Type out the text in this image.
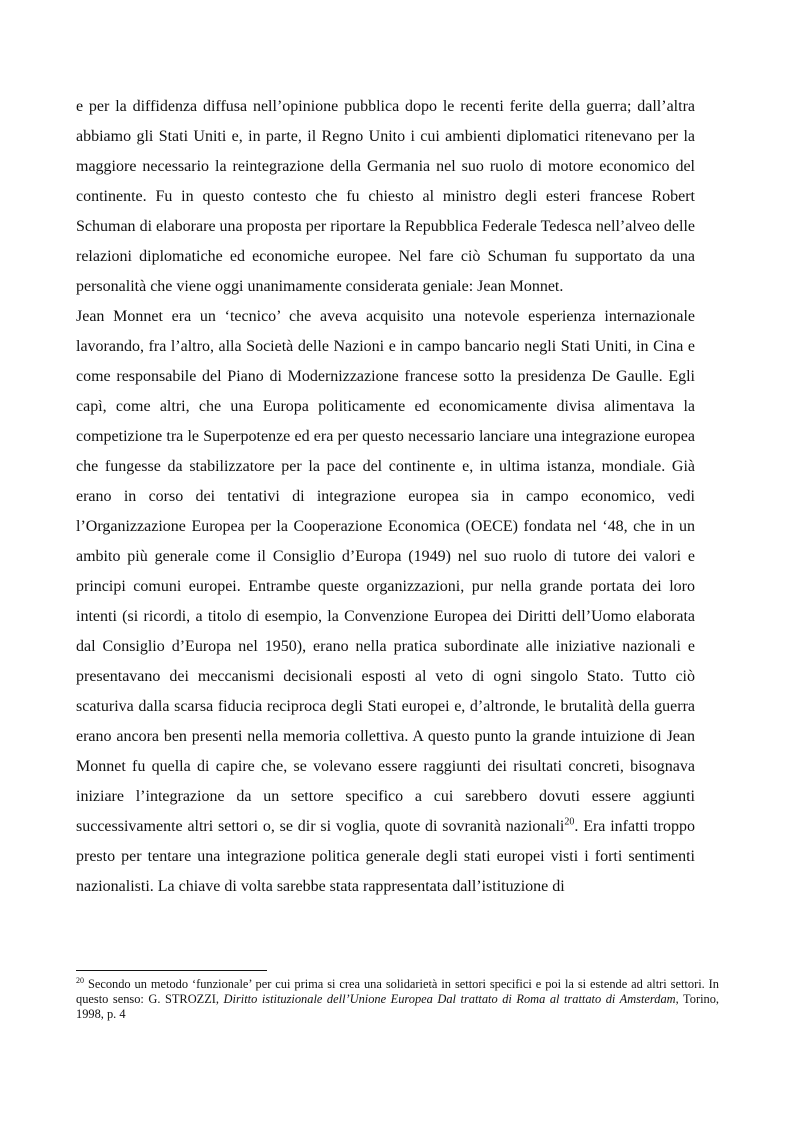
e per la diffidenza diffusa nell’opinione pubblica dopo le recenti ferite della guerra; dall’altra abbiamo gli Stati Uniti e, in parte, il Regno Unito i cui ambienti diplomatici ritenevano per la maggiore necessario la reintegrazione della Germania nel suo ruolo di motore economico del continente. Fu in questo contesto che fu chiesto al ministro degli esteri francese Robert Schuman di elaborare una proposta per riportare la Repubblica Federale Tedesca nell’alveo delle relazioni diplomatiche ed economiche europee. Nel fare ciò Schuman fu supportato da una personalità che viene oggi unanimamente considerata geniale: Jean Monnet.

Jean Monnet era un ‘tecnico’ che aveva acquisito una notevole esperienza internazionale lavorando, fra l’altro, alla Società delle Nazioni e in campo bancario negli Stati Uniti, in Cina e come responsabile del Piano di Modernizzazione francese sotto la presidenza De Gaulle. Egli capì, come altri, che una Europa politicamente ed economicamente divisa alimentava la competizione tra le Superpotenze ed era per questo necessario lanciare una integrazione europea che fungesse da stabilizzatore per la pace del continente e, in ultima istanza, mondiale. Già erano in corso dei tentativi di integrazione europea sia in campo economico, vedi l’Organizzazione Europea per la Cooperazione Economica (OECE) fondata nel ‘48, che in un ambito più generale come il Consiglio d’Europa (1949) nel suo ruolo di tutore dei valori e principi comuni europei. Entrambe queste organizzazioni, pur nella grande portata dei loro intenti (si ricordi, a titolo di esempio, la Convenzione Europea dei Diritti dell’Uomo elaborata dal Consiglio d’Europa nel 1950), erano nella pratica subordinate alle iniziative nazionali e presentavano dei meccanismi decisionali esposti al veto di ogni singolo Stato. Tutto ciò scaturiva dalla scarsa fiducia reciproca degli Stati europei e, d’altronde, le brutalità della guerra erano ancora ben presenti nella memoria collettiva. A questo punto la grande intuizione di Jean Monnet fu quella di capire che, se volevano essere raggiunti dei risultati concreti, bisognava iniziare l’integrazione da un settore specifico a cui sarebbero dovuti essere aggiunti successivamente altri settori o, se dir si voglia, quote di sovranità nazionali$^{20}$. Era infatti troppo presto per tentare una integrazione politica generale degli stati europei visti i forti sentimenti nazionalisti. La chiave di volta sarebbe stata rappresentata dall’istituzione di

$^{20}$ Secondo un metodo ‘funzionale’ per cui prima si crea una solidarietà in settori specifici e poi la si estende ad altri settori. In questo senso: G. STROZZI, Diritto istituzionale dell’Unione Europea Dal trattato di Roma al trattato di Amsterdam, Torino, 1998, p. 4
